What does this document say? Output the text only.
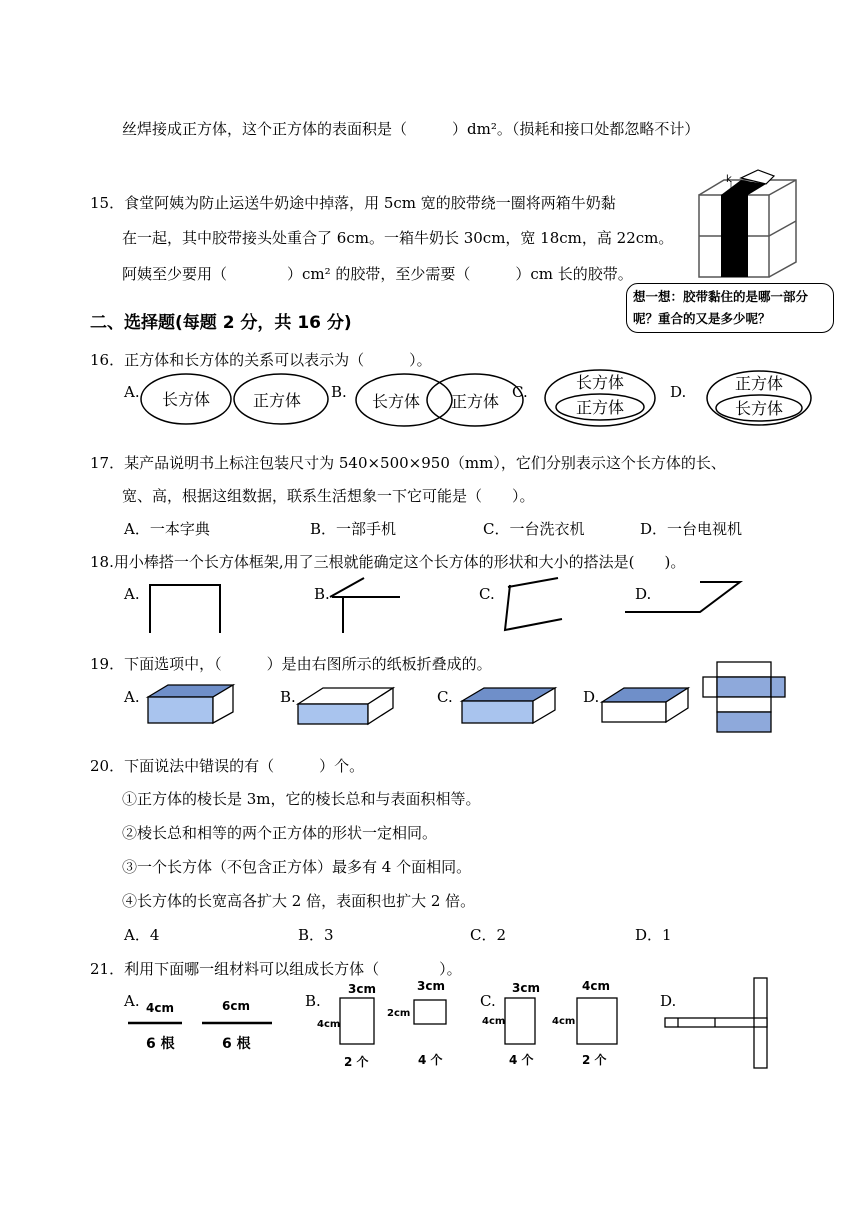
丝焊接成正方体，这个正方体的表面积是（　　　）dm²。（损耗和接口处都忽略不计）
15．食堂阿姨为防止运送牛奶途中掉落，用 5cm 宽的胶带绕一圈将两箱牛奶黏
在一起，其中胶带接头处重合了 6cm。一箱牛奶长 30cm，宽 18cm，高 22cm。
阿姨至少要用（　　　　）cm² 的胶带，至少需要（　　　）cm 长的胶带。
k
想一想：胶带黏住的是哪一部分呢？重合的又是多少呢？
二、选择题(每题 2 分，共 16 分)
16．正方体和长方体的关系可以表示为（　　　）。
A.	B.	C.	D.
长方体	正方体	长方体 正方体
长方体
正方体
正方体
长方体
17．某产品说明书上标注包装尺寸为 540×500×950（mm），它们分别表示这个长方体的长、
宽、高，根据这组数据，联系生活想象一下它可能是（　　）。
A．一本字典	B．一部手机	C．一台洗衣机	D．一台电视机
18.用小棒搭一个长方体框架,用了三根就能确定这个长方体的形状和大小的搭法是(　　)。
A.	B.	C.	D.
19．下面选项中，（　　　）是由右图所示的纸板折叠成的。
A.	B.	C.	D.
20．下面说法中错误的有（　　　）个。
①正方体的棱长是 3m，它的棱长总和与表面积相等。
②棱长总和相等的两个正方体的形状一定相同。
③一个长方体（不包含正方体）最多有 4 个面相同。
④长方体的长宽高各扩大 2 倍，表面积也扩大 2 倍。
A．4	B．3	C．2	D．1
21．利用下面哪一组材料可以组成长方体（　　　　）。
A.	B.	C.	D.
4cm
6 根
6cm
6 根
3cm
4cm
2 个
3cm
2cm
4 个
3cm
4cm
4 个
4cm
4cm
2 个
